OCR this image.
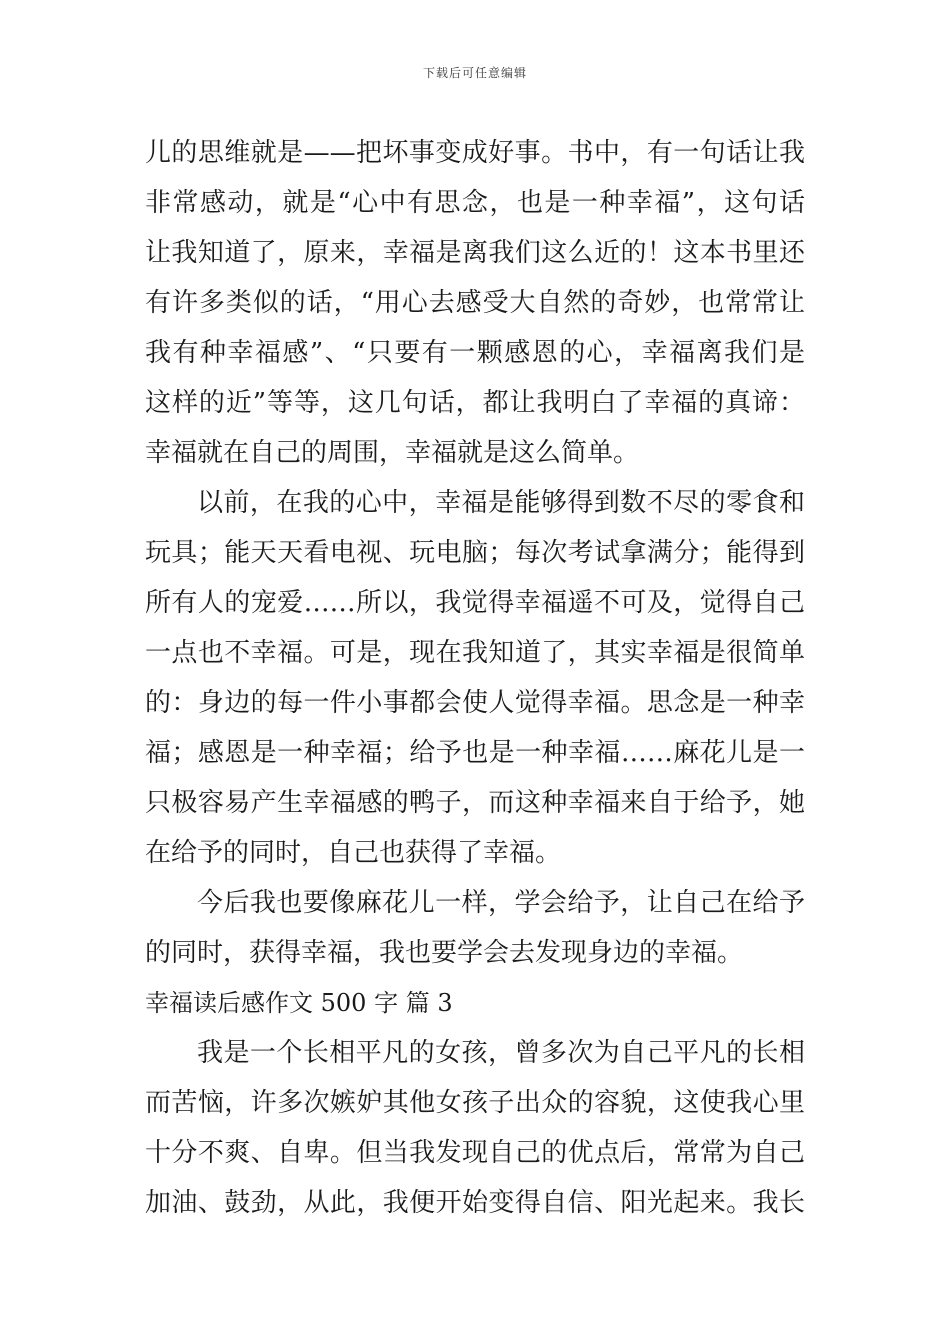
下载后可任意编辑
儿的思维就是——把坏事变成好事。书中，有一句话让我
非常感动，就是“心中有思念，也是一种幸福”，这句话
让我知道了，原来，幸福是离我们这么近的！这本书里还
有许多类似的话，“用心去感受大自然的奇妙，也常常让
我有种幸福感”、“只要有一颗感恩的心，幸福离我们是
这样的近”等等，这几句话，都让我明白了幸福的真谛：
幸福就在自己的周围，幸福就是这么简单。
以前，在我的心中，幸福是能够得到数不尽的零食和
玩具；能天天看电视、玩电脑；每次考试拿满分；能得到
所有人的宠爱……所以，我觉得幸福遥不可及，觉得自己
一点也不幸福。可是，现在我知道了，其实幸福是很简单
的：身边的每一件小事都会使人觉得幸福。思念是一种幸
福；感恩是一种幸福；给予也是一种幸福……麻花儿是一
只极容易产生幸福感的鸭子，而这种幸福来自于给予，她
在给予的同时，自己也获得了幸福。
今后我也要像麻花儿一样，学会给予，让自己在给予
的同时，获得幸福，我也要学会去发现身边的幸福。
幸福读后感作文 500 字 篇 3
我是一个长相平凡的女孩，曾多次为自己平凡的长相
而苦恼，许多次嫉妒其他女孩子出众的容貌，这使我心里
十分不爽、自卑。但当我发现自己的优点后，常常为自己
加油、鼓劲，从此，我便开始变得自信、阳光起来。我长
